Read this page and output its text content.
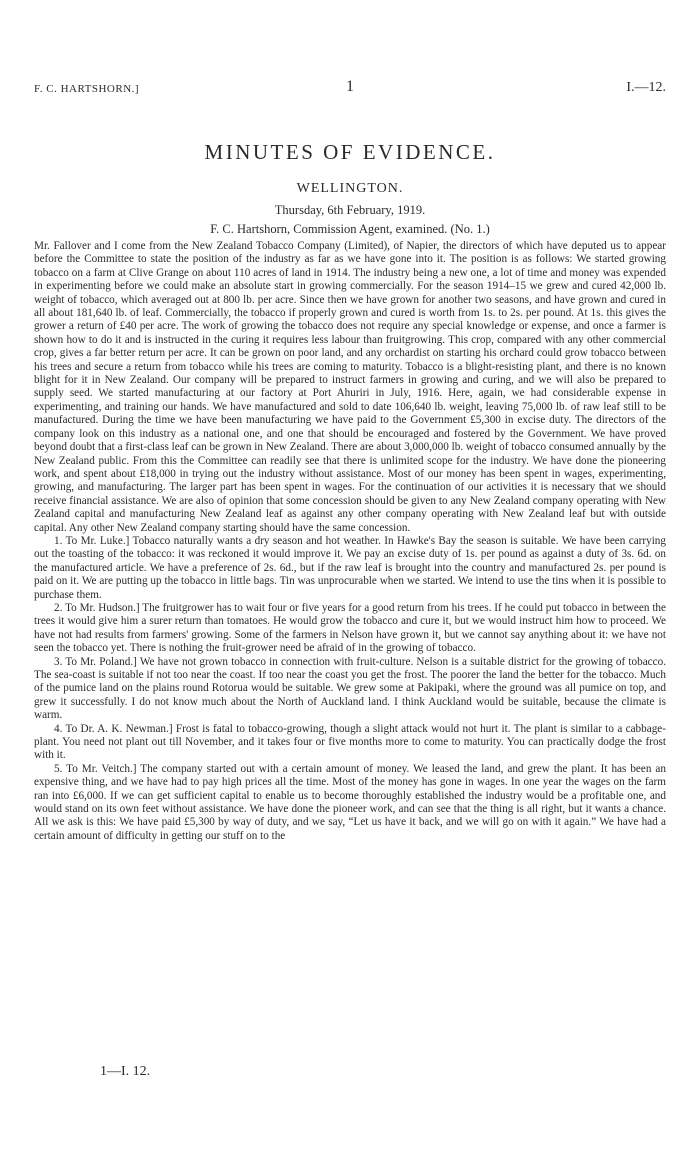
F. C. HARTSHORN.]	1	I.—12.
MINUTES OF EVIDENCE.
WELLINGTON.
Thursday, 6th February, 1919.
F. C. Hartshorn, Commission Agent, examined. (No. 1.)

Mr. Fallover and I come from the New Zealand Tobacco Company (Limited), of Napier, the directors of which have deputed us to appear before the Committee to state the position of the industry as far as we have gone into it. The position is as follows: We started growing tobacco on a farm at Clive Grange on about 110 acres of land in 1914. The industry being a new one, a lot of time and money was expended in experimenting before we could make an absolute start in growing commercially. For the season 1914–15 we grew and cured 42,000 lb. weight of tobacco, which averaged out at 800 lb. per acre. Since then we have grown for another two seasons, and have grown and cured in all about 181,640 lb. of leaf. Commercially, the tobacco if properly grown and cured is worth from 1s. to 2s. per pound. At 1s. this gives the grower a return of £40 per acre. The work of growing the tobacco does not require any special knowledge or expense, and once a farmer is shown how to do it and is instructed in the curing it requires less labour than fruitgrowing. This crop, compared with any other commercial crop, gives a far better return per acre. It can be grown on poor land, and any orchardist on starting his orchard could grow tobacco between his trees and secure a return from tobacco while his trees are coming to maturity. Tobacco is a blight-resisting plant, and there is no known blight for it in New Zealand. Our company will be prepared to instruct farmers in growing and curing, and we will also be prepared to supply seed. We started manufacturing at our factory at Port Ahuriri in July, 1916. Here, again, we had considerable expense in experimenting, and training our hands. We have manufactured and sold to date 106,640 lb. weight, leaving 75,000 lb. of raw leaf still to be manufactured. During the time we have been manufacturing we have paid to the Government £5,300 in excise duty. The directors of the company look on this industry as a national one, and one that should be encouraged and fostered by the Government. We have proved beyond doubt that a first-class leaf can be grown in New Zealand. There are about 3,000,000 lb. weight of tobacco consumed annually by the New Zealand public. From this the Committee can readily see that there is unlimited scope for the industry. We have done the pioneering work, and spent about £18,000 in trying out the industry without assistance. Most of our money has been spent in wages, experimenting, growing, and manufacturing. The larger part has been spent in wages. For the continuation of our activities it is necessary that we should receive financial assistance. We are also of opinion that some concession should be given to any New Zealand company operating with New Zealand capital and manufacturing New Zealand leaf as against any other company operating with New Zealand leaf but with outside capital. Any other New Zealand company starting should have the same concession.

1. To Mr. Luke.] Tobacco naturally wants a dry season and hot weather. In Hawke's Bay the season is suitable. We have been carrying out the toasting of the tobacco: it was reckoned it would improve it. We pay an excise duty of 1s. per pound as against a duty of 3s. 6d. on the manufactured article. We have a preference of 2s. 6d., but if the raw leaf is brought into the country and manufactured 2s. per pound is paid on it. We are putting up the tobacco in little bags. Tin was unprocurable when we started. We intend to use the tins when it is possible to purchase them.

2. To Mr. Hudson.] The fruitgrower has to wait four or five years for a good return from his trees. If he could put tobacco in between the trees it would give him a surer return than tomatoes. He would grow the tobacco and cure it, but we would instruct him how to proceed. We have not had results from farmers' growing. Some of the farmers in Nelson have grown it, but we cannot say anything about it: we have not seen the tobacco yet. There is nothing the fruit-grower need be afraid of in the growing of tobacco.

3. To Mr. Poland.] We have not grown tobacco in connection with fruit-culture. Nelson is a suitable district for the growing of tobacco. The sea-coast is suitable if not too near the coast. If too near the coast you get the frost. The poorer the land the better for the tobacco. Much of the pumice land on the plains round Rotorua would be suitable. We grew some at Pakipaki, where the ground was all pumice on top, and grew it successfully. I do not know much about the North of Auckland land. I think Auckland would be suitable, because the climate is warm.

4. To Dr. A. K. Newman.] Frost is fatal to tobacco-growing, though a slight attack would not hurt it. The plant is similar to a cabbage-plant. You need not plant out till November, and it takes four or five months more to come to maturity. You can practically dodge the frost with it.

5. To Mr. Veitch.] The company started out with a certain amount of money. We leased the land, and grew the plant. It has been an expensive thing, and we have had to pay high prices all the time. Most of the money has gone in wages. In one year the wages on the farm ran into £6,000. If we can get sufficient capital to enable us to become thoroughly established the industry would be a profitable one, and would stand on its own feet without assistance. We have done the pioneer work, and can see that the thing is all right, but it wants a chance. All we ask is this: We have paid £5,300 by way of duty, and we say, “Let us have it back, and we will go on with it again.” We have had a certain amount of difficulty in getting our stuff on to the

1—I. 12.
